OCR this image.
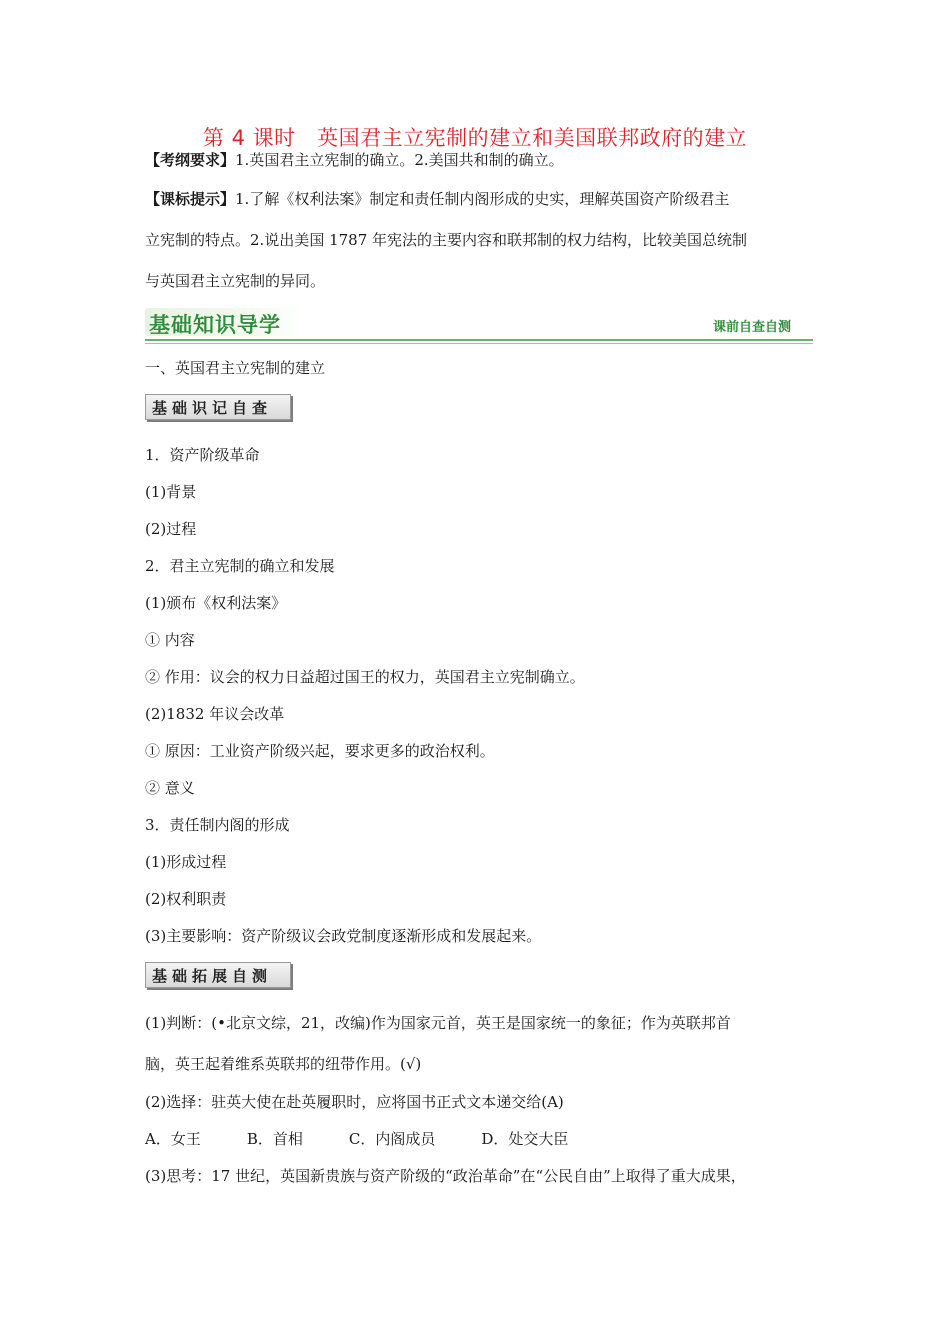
第 4 课时　英国君主立宪制的建立和美国联邦政府的建立
【考纲要求】1.英国君主立宪制的确立。2.美国共和制的确立。
【课标提示】1.了解《权利法案》制定和责任制内阁形成的史实，理解英国资产阶级君主
立宪制的特点。2.说出美国 1787 年宪法的主要内容和联邦制的权力结构，比较美国总统制
与英国君主立宪制的异同。
基础知识导学	课前自查自测
一、英国君主立宪制的建立
基础识记自查
1．资产阶级革命
(1)背景
(2)过程
2．君主立宪制的确立和发展
(1)颁布《权利法案》
① 内容
② 作用：议会的权力日益超过国王的权力，英国君主立宪制确立。
(2)1832 年议会改革
① 原因：工业资产阶级兴起，要求更多的政治权利。
② 意义
3．责任制内阁的形成
(1)形成过程
(2)权利职责
(3)主要影响：资产阶级议会政党制度逐渐形成和发展起来。
基础拓展自测
(1)判断：(•北京文综，21，改编)作为国家元首，英王是国家统一的象征；作为英联邦首
脑，英王起着维系英联邦的纽带作用。(√)
(2)选择：驻英大使在赴英履职时，应将国书正式文本递交给(A)
A．女王	B．首相	C．内阁成员	D．处交大臣
(3)思考：17 世纪，英国新贵族与资产阶级的“政治革命”在“公民自由”上取得了重大成果，
